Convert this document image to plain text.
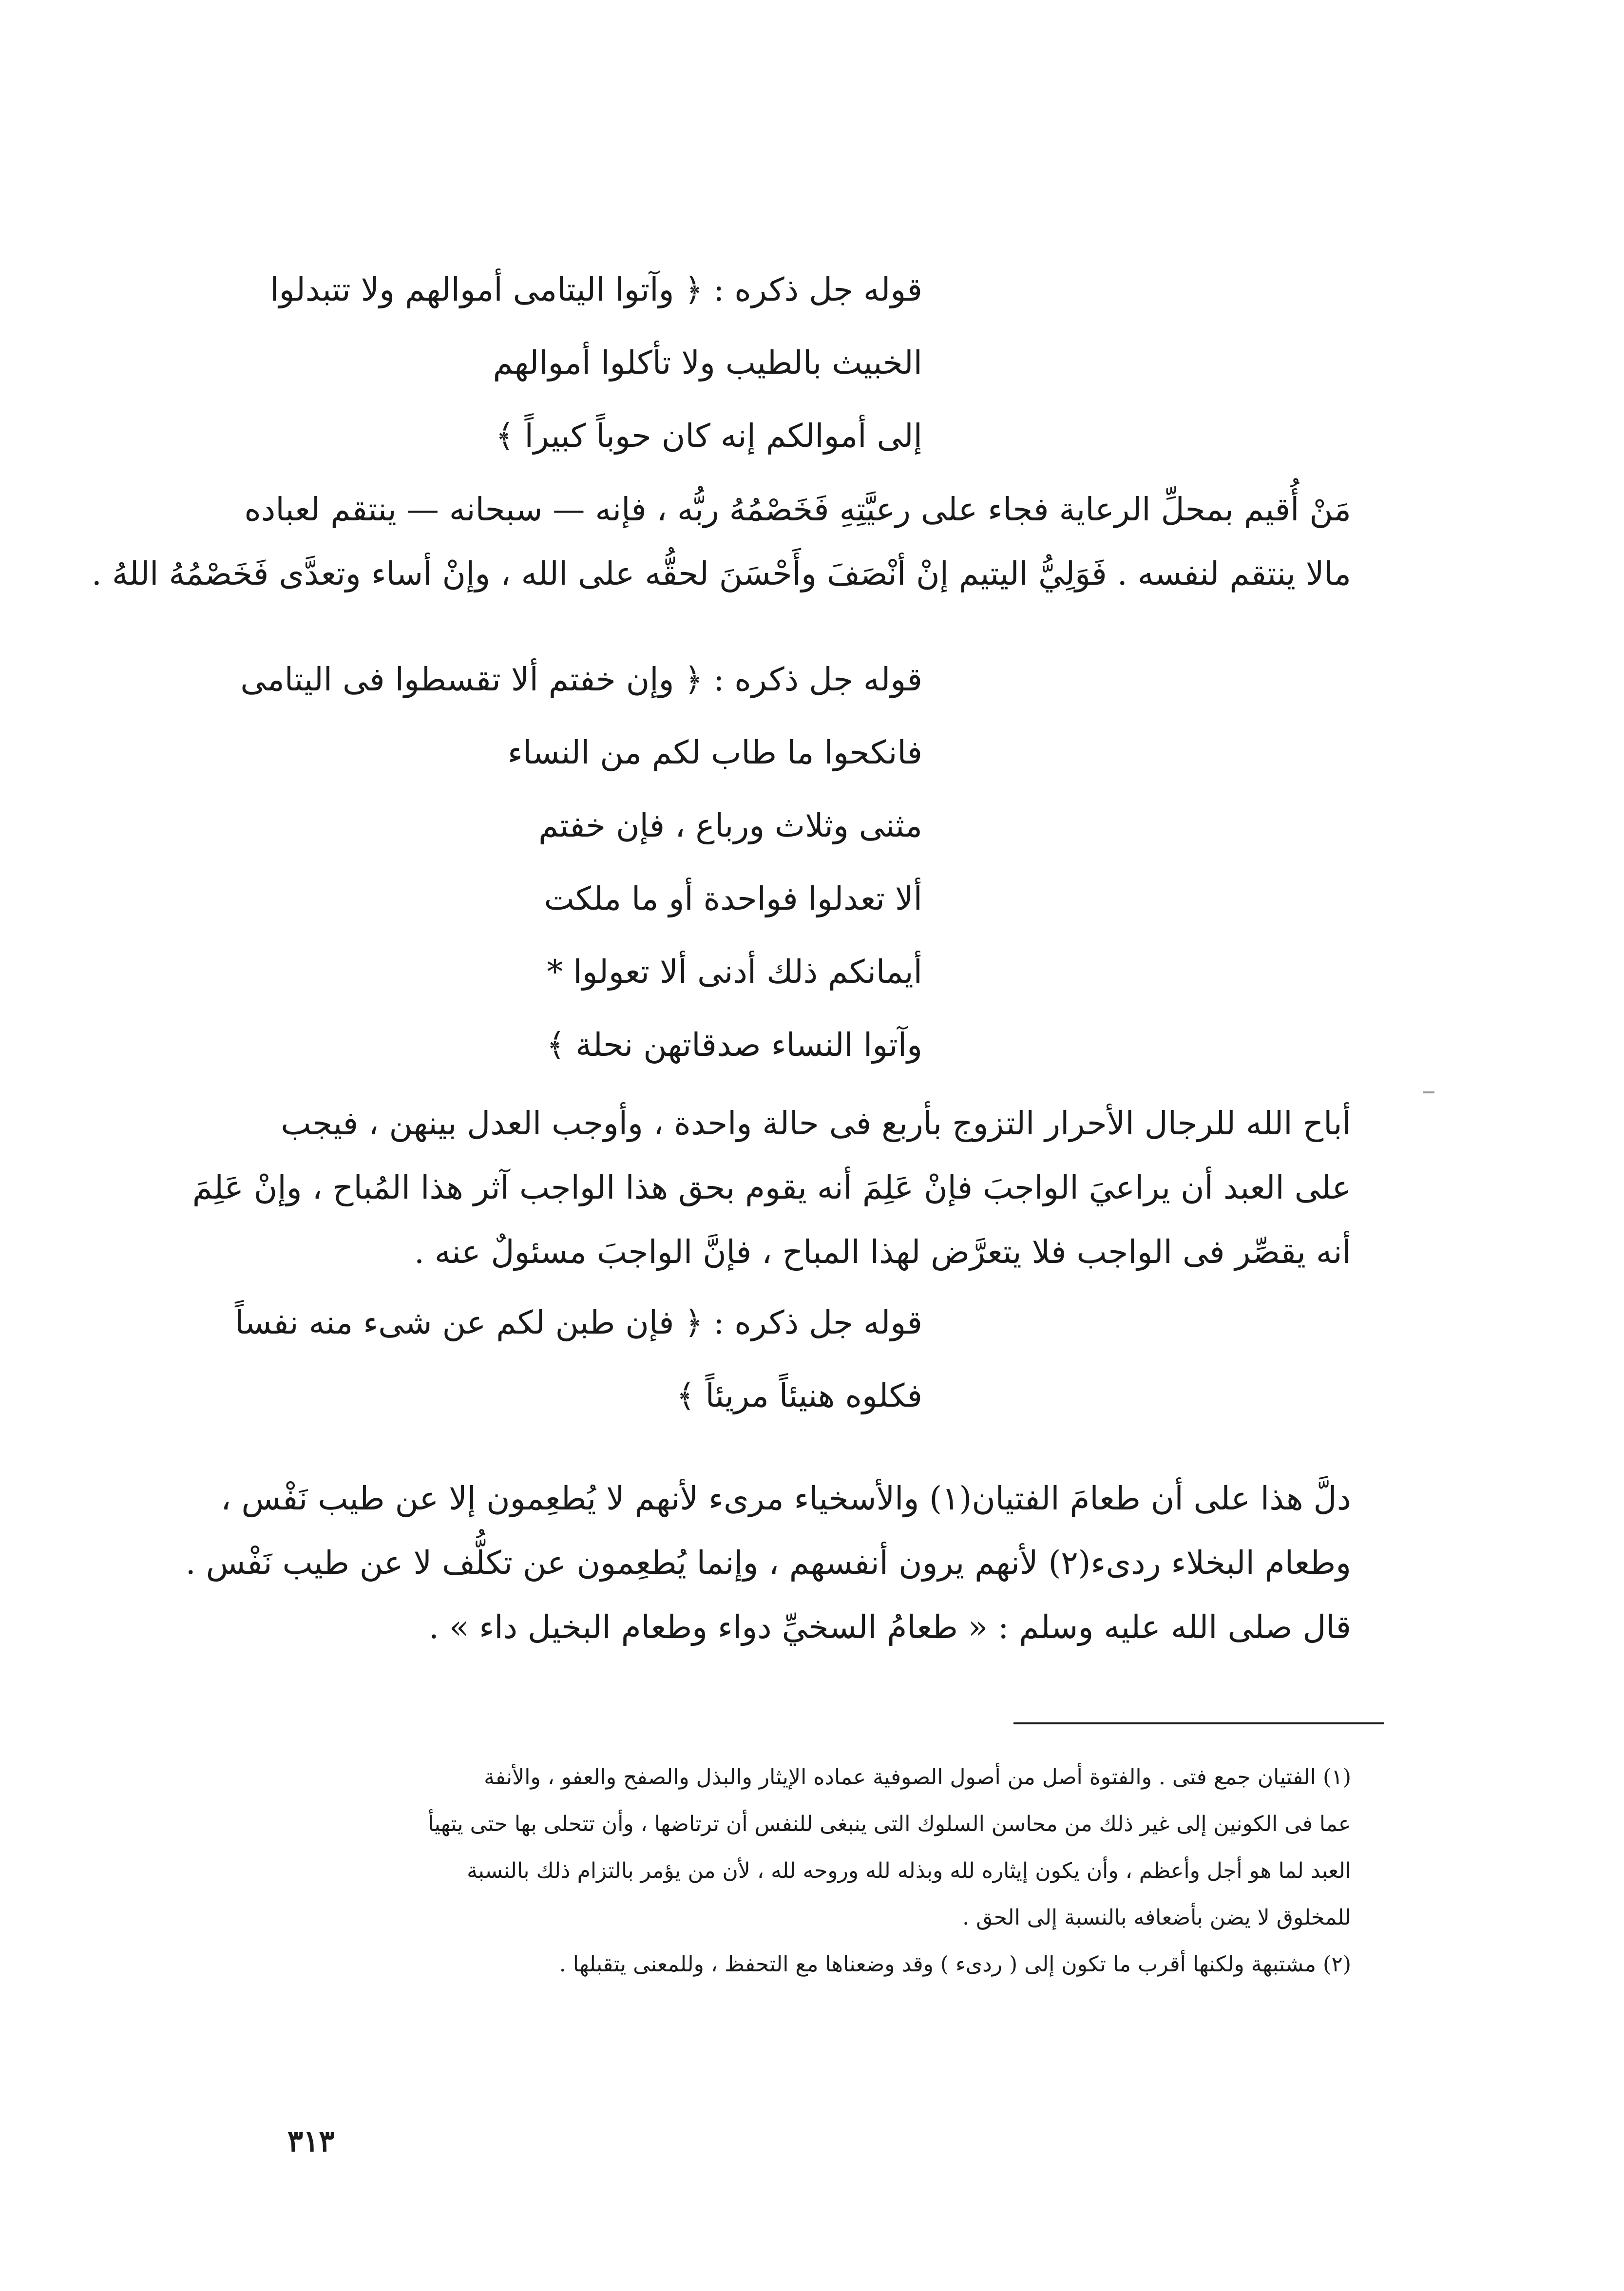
قوله جل ذكره : ﴿ وآتوا اليتامى أموالهم ولا تتبدلوا
الخبيث بالطيب ولا تأكلوا أموالهم
إلى أموالكم إنه كان حوباً كبيراً ﴾
مَنْ أُقيم بمحلِّ الرعاية فجاء على رعيَّتِهِ فَخَصْمُهُ ربُّه ، فإنه — سبحانه — ينتقم لعباده
مالا ينتقم لنفسه . فَوَلِيُّ اليتيم إنْ أنْصَفَ وأَحْسَنَ لحقُّه على الله ، وإنْ أساء وتعدَّى فَخَصْمُهُ اللهُ .
قوله جل ذكره : ﴿ وإن خفتم ألا تقسطوا فى اليتامى
فانكحوا ما طاب لكم من النساء
مثنى وثلاث ورباع ، فإن خفتم
ألا تعدلوا فواحدة أو ما ملكت
أيمانكم ذلك أدنى ألا تعولوا *
وآتوا النساء صدقاتهن نحلة ﴾
أباح الله للرجال الأحرار التزوج بأربع فى حالة واحدة ، وأوجب العدل بينهن ، فيجب
على العبد أن يراعيَ الواجبَ فإنْ عَلِمَ أنه يقوم بحق هذا الواجب آثر هذا المُباح ، وإنْ عَلِمَ
أنه يقصِّر فى الواجب فلا يتعرَّض لهذا المباح ، فإنَّ الواجبَ مسئولٌ عنه .
قوله جل ذكره : ﴿ فإن طبن لكم عن شىء منه نفساً
فكلوه هنيئاً مريئاً ﴾
دلَّ هذا على أن طعامَ الفتيان(١) والأسخياء مرىء لأنهم لا يُطعِمون إلا عن طيب نَفْس ،
وطعام البخلاء ردىء(٢) لأنهم يرون أنفسهم ، وإنما يُطعِمون عن تكلُّف لا عن طيب نَفْس .
قال صلى الله عليه وسلم : « طعامُ السخيِّ دواء وطعام البخيل داء » .
(١) الفتيان جمع فتى . والفتوة أصل من أصول الصوفية عماده الإيثار والبذل والصفح والعفو ، والأنفة
عما فى الكونين إلى غير ذلك من محاسن السلوك التى ينبغى للنفس أن ترتاضها ، وأن تتحلى بها حتى يتهيأ
العبد لما هو أجل وأعظم ، وأن يكون إيثاره لله وبذله لله وروحه لله ، لأن من يؤمر بالتزام ذلك بالنسبة
للمخلوق لا يضن بأضعافه بالنسبة إلى الحق .
(٢) مشتبهة ولكنها أقرب ما تكون إلى ( ردىء ) وقد وضعناها مع التحفظ ، وللمعنى يتقبلها .
٣١٣
